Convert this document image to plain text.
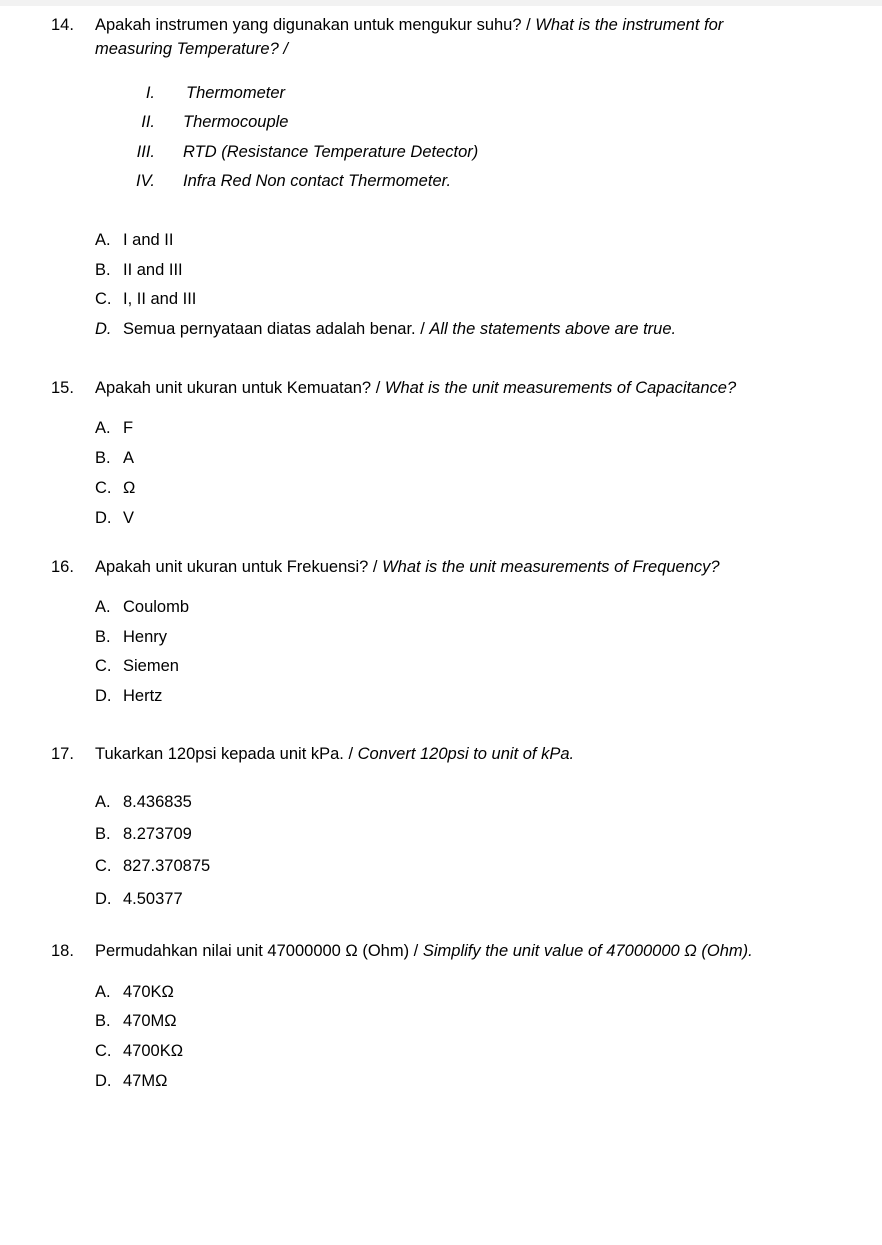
14. Apakah instrumen yang digunakan untuk mengukur suhu? / What is the instrument for
measuring Temperature? /
I. Thermometer
II. Thermocouple
III. RTD (Resistance Temperature Detector)
IV. Infra Red Non contact Thermometer.
A. I and II
B. II and III
C. I, II and III
D. Semua pernyataan diatas adalah benar. / All the statements above are true.
15. Apakah unit ukuran untuk Kemuatan? / What is the unit measurements of Capacitance?
A. F
B. A
C. Ω
D. V
16. Apakah unit ukuran untuk Frekuensi? / What is the unit measurements of Frequency?
A. Coulomb
B. Henry
C. Siemen
D. Hertz
17. Tukarkan 120psi kepada unit kPa. / Convert 120psi to unit of kPa.
A. 8.436835
B. 8.273709
C. 827.370875
D. 4.50377
18. Permudahkan nilai unit 47000000 Ω (Ohm) / Simplify the unit value of 47000000 Ω (Ohm).
A. 470KΩ
B. 470MΩ
C. 4700KΩ
D. 47MΩ
